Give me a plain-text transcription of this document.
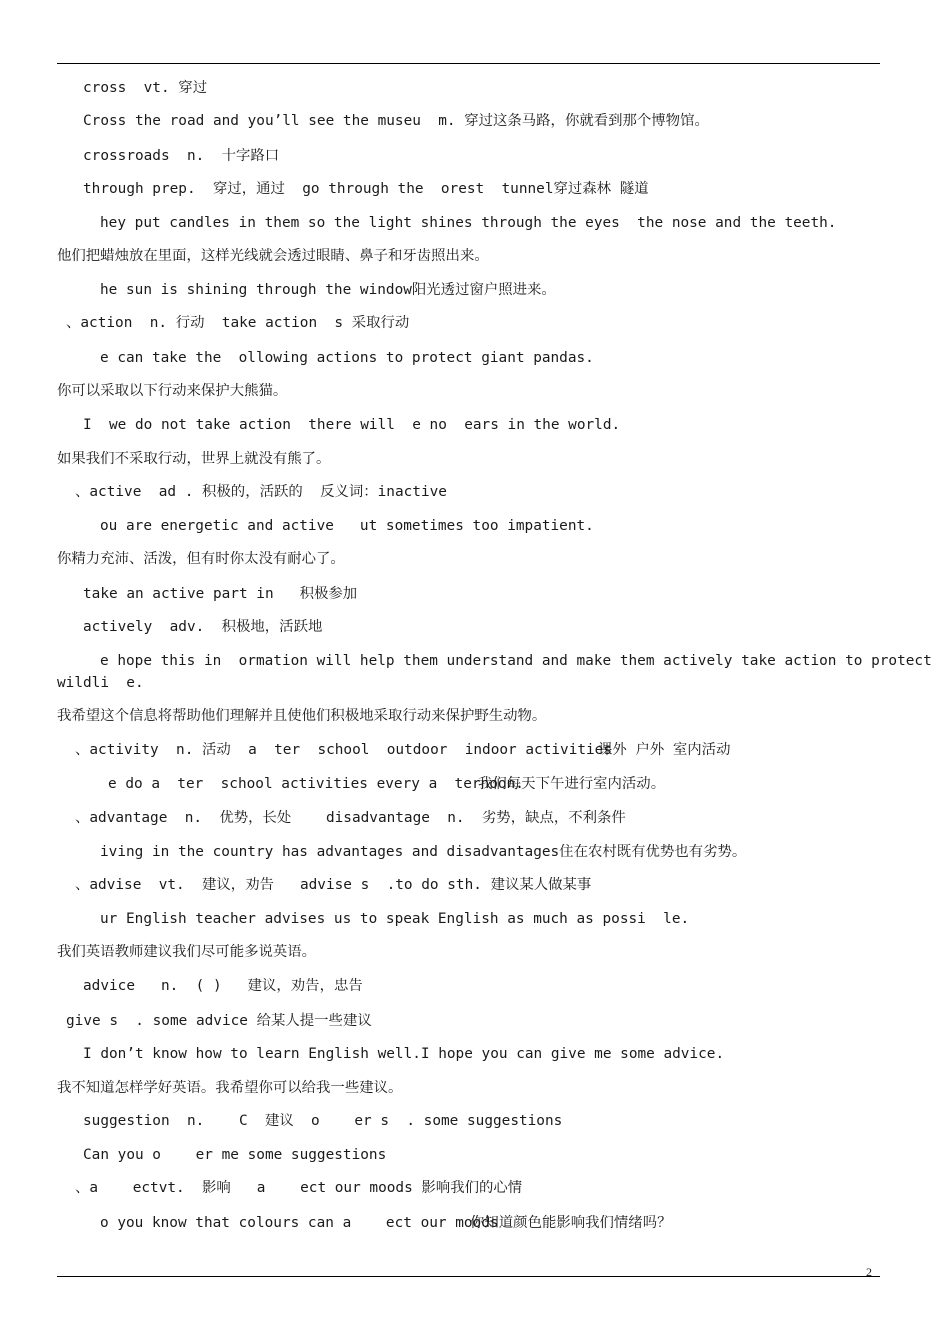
cross  vt. 穿过
Cross the road and you’ll see the museu  m. 穿过这条马路，你就看到那个博物馆。
crossroads  n.  十字路口
through prep.  穿过，通过  go through the  orest  tunnel穿过森林 隧道
hey put candles in them so the light shines through the eyes  the nose and the teeth.
他们把蜡烛放在里面，这样光线就会透过眼睛、鼻子和牙齿照出来。
he sun is shining through the window阳光透过窗户照进来。
、action  n. 行动  take action  s 采取行动
e can take the  ollowing actions to protect giant pandas.
你可以采取以下行动来保护大熊猫。
I  we do not take action  there will  e no  ears in the world.
如果我们不采取行动，世界上就没有熊了。
、active  ad . 积极的，活跃的  反义词：inactive
ou are energetic and active   ut sometimes too impatient.
你精力充沛、活泼，但有时你太没有耐心了。
take an active part in   积极参加
actively  adv.  积极地，活跃地
e hope this in  ormation will help them understand and make them actively take action to protect
wildli  e.
我希望这个信息将帮助他们理解并且使他们积极地采取行动来保护野生动物。
、activity  n. 活动  a  ter  school  outdoor  indoor activities
课外 户外 室内活动
e do a  ter  school activities every a  ternoon.
我们每天下午进行室内活动。
、advantage  n.  优势，长处    disadvantage  n.  劣势，缺点，不利条件
iving in the country has advantages and disadvantages住在农村既有优势也有劣势。
、advise  vt.  建议，劝告   advise s  .to do sth. 建议某人做某事
ur English teacher advises us to speak English as much as possi  le.
我们英语教师建议我们尽可能多说英语。
advice   n.  ( )   建议，劝告，忠告
give s  . some advice 给某人提一些建议
I don’t know how to learn English well.I hope you can give me some advice.
我不知道怎样学好英语。我希望你可以给我一些建议。
suggestion  n.    C  建议  o    er s  . some suggestions
Can you o    er me some suggestions
、a    ectvt.  影响   a    ect our moods 影响我们的心情
o you know that colours can a    ect our moods
你知道颜色能影响我们情绪吗？
2
